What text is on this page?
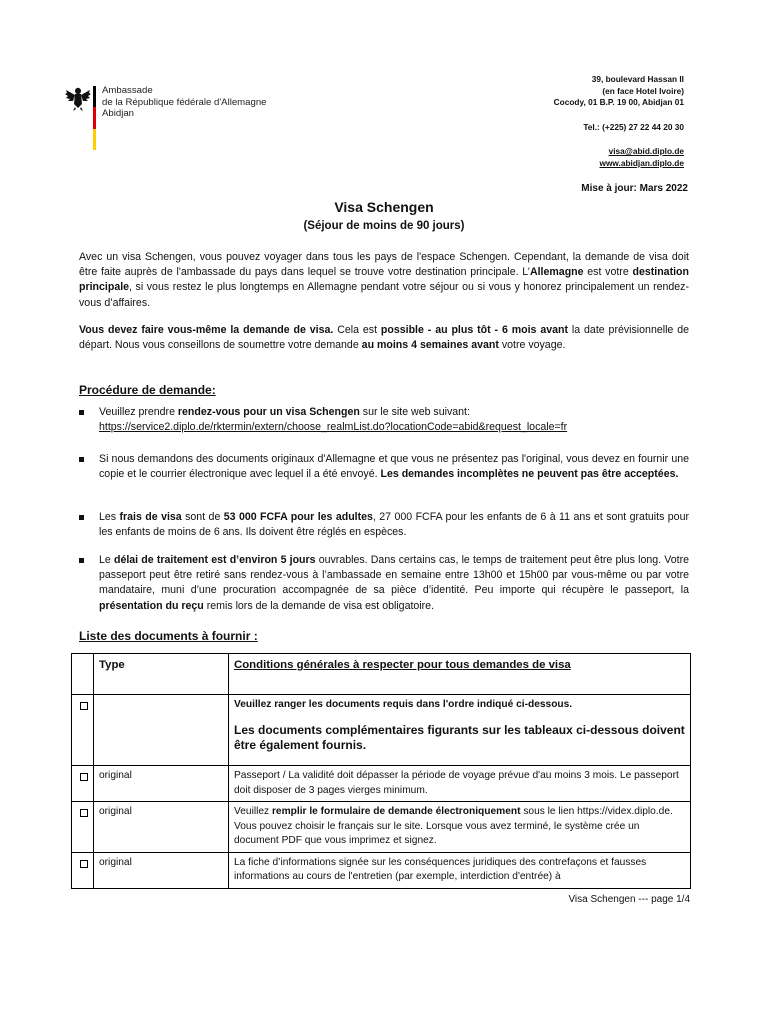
Ambassade
de la République fédérale d'Allemagne
Abidjan
39, boulevard Hassan II
(en face Hotel Ivoire)
Cocody, 01 B.P. 19 00, Abidjan 01
Tel.: (+225) 27 22 44 20 30
visa@abid.diplo.de
www.abidjan.diplo.de
Mise à jour: Mars 2022
Visa Schengen
(Séjour de moins de 90 jours)
Avec un visa Schengen, vous pouvez voyager dans tous les pays de l'espace Schengen. Cependant, la demande de visa doit être faite auprès de l'ambassade du pays dans lequel se trouve votre destination principale. L’Allemagne est votre destination principale, si vous restez le plus longtemps en Allemagne pendant votre séjour ou si vous y honorez principalement un rendez-vous d’affaires.
Vous devez faire vous-même la demande de visa. Cela est possible - au plus tôt - 6 mois avant la date prévisionnelle de départ. Nous vous conseillons de soumettre votre demande au moins 4 semaines avant votre voyage.
Procédure de demande:
Veuillez prendre rendez-vous pour un visa Schengen sur le site web suivant:
https://service2.diplo.de/rktermin/extern/choose_realmList.do?locationCode=abid&request_locale=fr
Si nous demandons des documents originaux d'Allemagne et que vous ne présentez pas l'original, vous devez en fournir une copie et le courrier électronique avec lequel il a été envoyé. Les demandes incomplètes ne peuvent pas être acceptées.
Les frais de visa sont de 53 000 FCFA pour les adultes, 27 000 FCFA pour les enfants de 6 à 11 ans et sont gratuits pour les enfants de moins de 6 ans. Ils doivent être réglés en espèces.
Le délai de traitement est d’environ 5 jours ouvrables. Dans certains cas, le temps de traitement peut être plus long. Votre passeport peut être retiré sans rendez-vous à l’ambassade en semaine entre 13h00 et 15h00 par vous-même ou par votre mandataire, muni d’une procuration accompagnée de sa pièce d’identité. Peu importe qui récupère le passeport, la présentation du reçu remis lors de la demande de visa est obligatoire.
Liste des documents à fournir :
	Type	Conditions générales à respecter pour tous demandes de visa

		Veuillez ranger les documents requis dans l'ordre indiqué ci-dessous.
Les documents complémentaires figurants sur les tableaux ci-dessous doivent être également fournis.

	original	Passeport / La validité doit dépasser la période de voyage prévue d'au moins 3 mois. Le passeport doit disposer de 3 pages vierges minimum.
	original	Veuillez remplir le formulaire de demande électroniquement sous le lien https://videx.diplo.de. Vous pouvez choisir le français sur le site. Lorsque vous avez terminé, le système crée un document PDF que vous imprimez et signez.
	original	La fiche d’informations signée sur les conséquences juridiques des contrefaçons et fausses informations au cours de l'entretien (par exemple, interdiction d'entrée) à
Visa Schengen --- page 1/4
